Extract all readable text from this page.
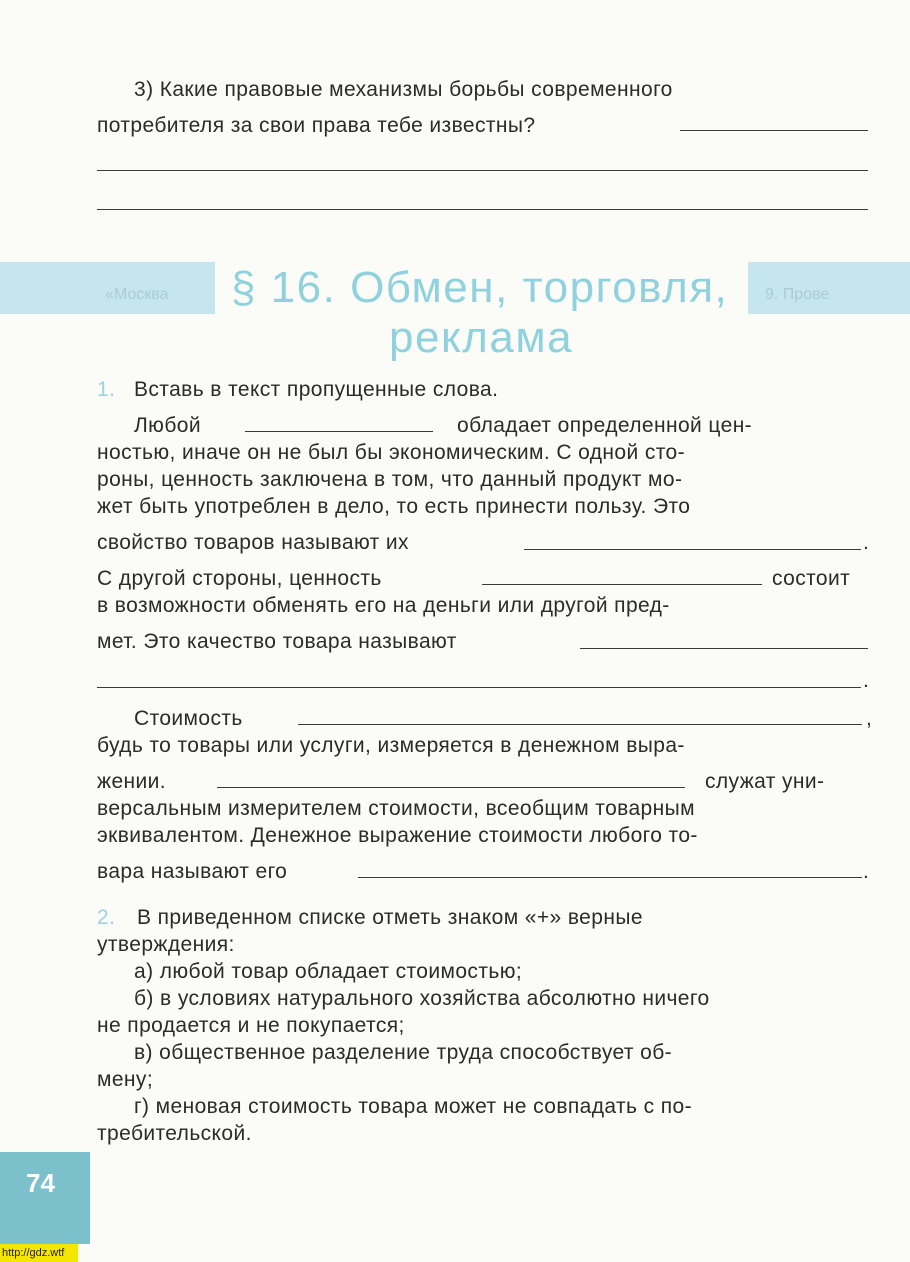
3) Какие правовые механизмы борьбы современного
потребителя за свои права тебе известны?
«Москва	9. Прове
§ 16. Обмен, торговля,
реклама
1. Вставь в текст пропущенные слова.
Любой	обладает определенной цен-
ностью, иначе он не был бы экономическим. С одной сто-
роны, ценность заключена в том, что данный продукт мо-
жет быть употреблен в дело, то есть принести пользу. Это
свойство товаров называют их	.
С другой стороны, ценность	состоит
в возможности обменять его на деньги или другой пред-
мет. Это качество товара называют
.
Стоимость	,
будь то товары или услуги, измеряется в денежном выра-
жении.	служат уни-
версальным измерителем стоимости, всеобщим товарным
эквивалентом. Денежное выражение стоимости любого то-
вара называют его	.
2. В приведенном списке отметь знаком «+» верные
утверждения:
а) любой товар обладает стоимостью;
б) в условиях натурального хозяйства абсолютно ничего
не продается и не покупается;
в) общественное разделение труда способствует об-
мену;
г) меновая стоимость товара может не совпадать с по-
требительской.
74
http://gdz.wtf
